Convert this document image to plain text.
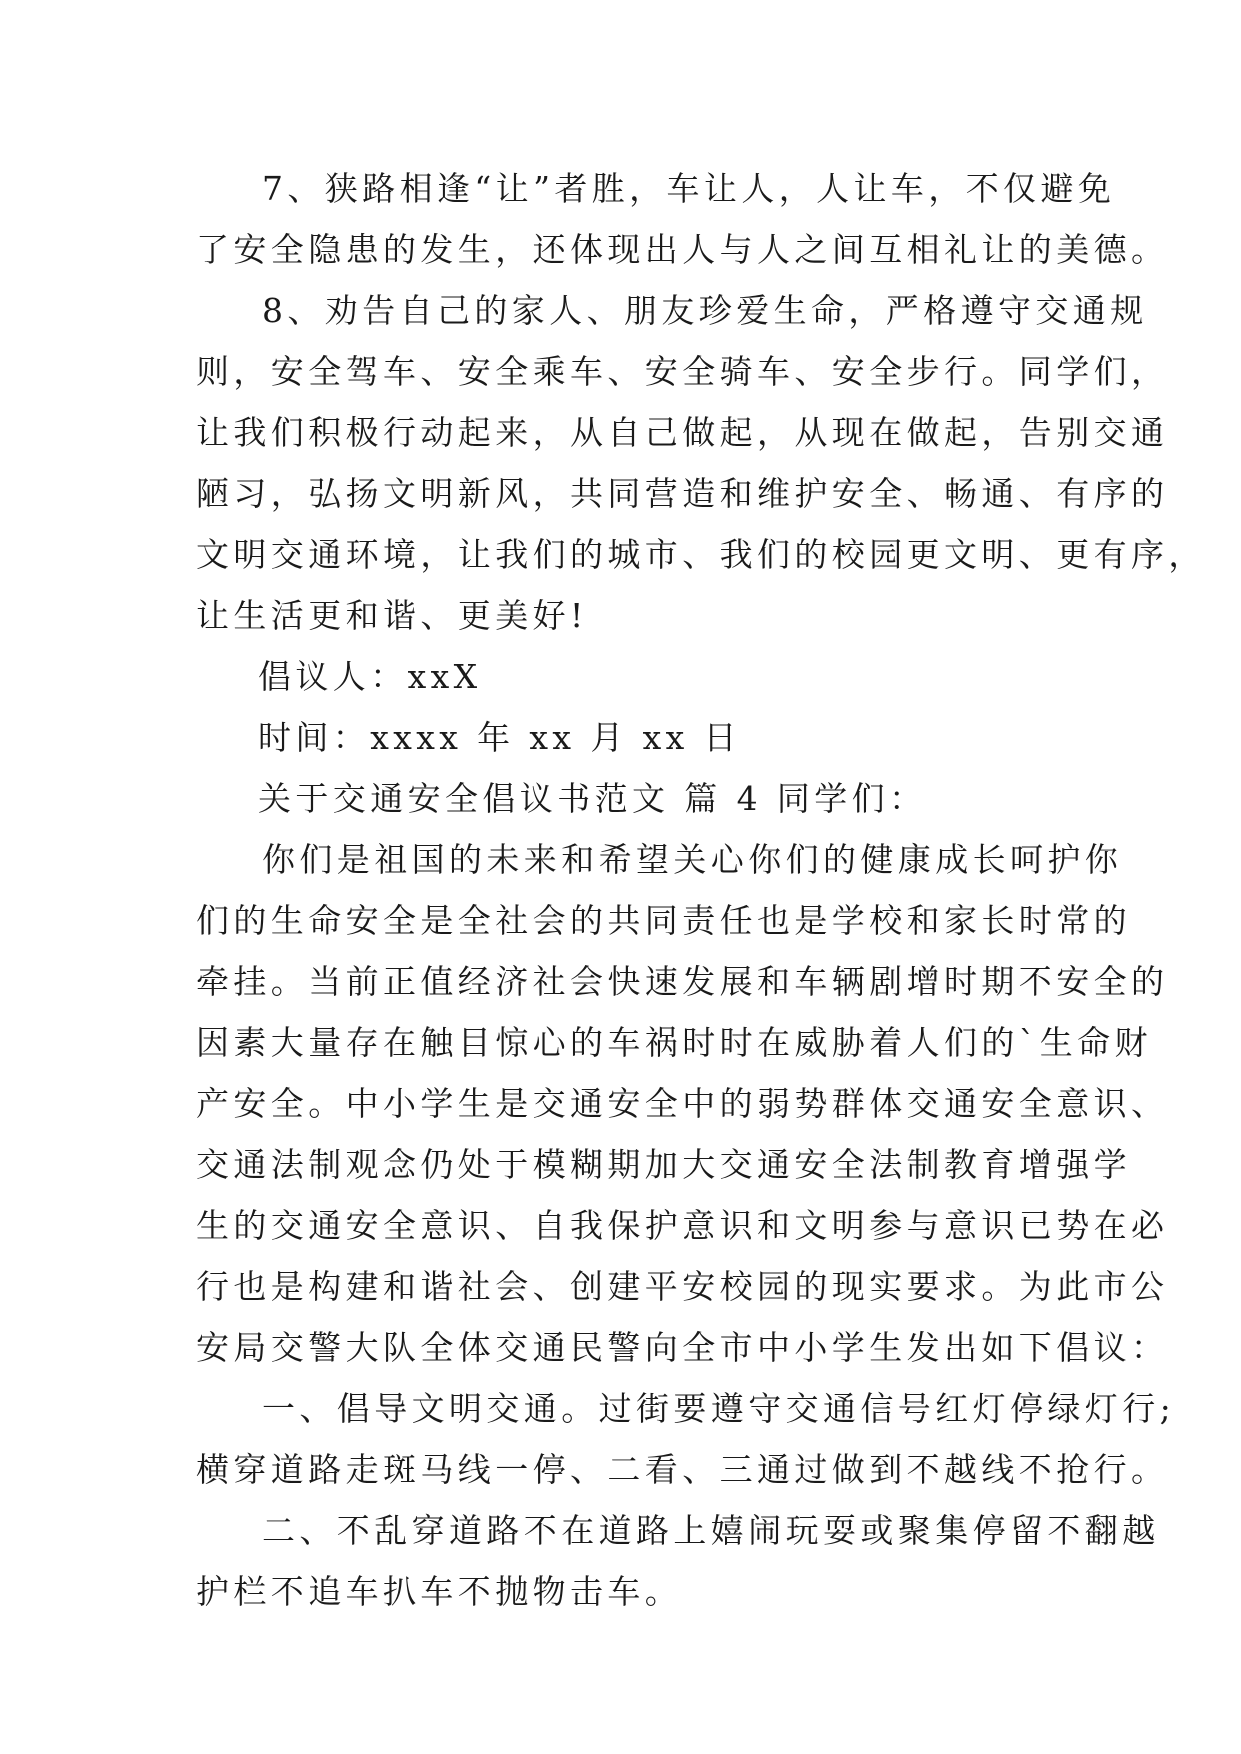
7、狭路相逢“让”者胜，车让人，人让车，不仅避免
了安全隐患的发生，还体现出人与人之间互相礼让的美德。
8、劝告自己的家人、朋友珍爱生命，严格遵守交通规
则，安全驾车、安全乘车、安全骑车、安全步行。同学们，
让我们积极行动起来，从自己做起，从现在做起，告别交通
陋习，弘扬文明新风，共同营造和维护安全、畅通、有序的
文明交通环境，让我们的城市、我们的校园更文明、更有序，
让生活更和谐、更美好!
倡议人：xxX
时间：xxxx 年 xx 月 xx 日
关于交通安全倡议书范文 篇 4 同学们：
你们是祖国的未来和希望关心你们的健康成长呵护你
们的生命安全是全社会的共同责任也是学校和家长时常的
牵挂。当前正值经济社会快速发展和车辆剧增时期不安全的
因素大量存在触目惊心的车祸时时在威胁着人们的`生命财
产安全。中小学生是交通安全中的弱势群体交通安全意识、
交通法制观念仍处于模糊期加大交通安全法制教育增强学
生的交通安全意识、自我保护意识和文明参与意识已势在必
行也是构建和谐社会、创建平安校园的现实要求。为此市公
安局交警大队全体交通民警向全市中小学生发出如下倡议：
一、倡导文明交通。过街要遵守交通信号红灯停绿灯行;
横穿道路走斑马线一停、二看、三通过做到不越线不抢行。
二、不乱穿道路不在道路上嬉闹玩耍或聚集停留不翻越
护栏不追车扒车不抛物击车。
